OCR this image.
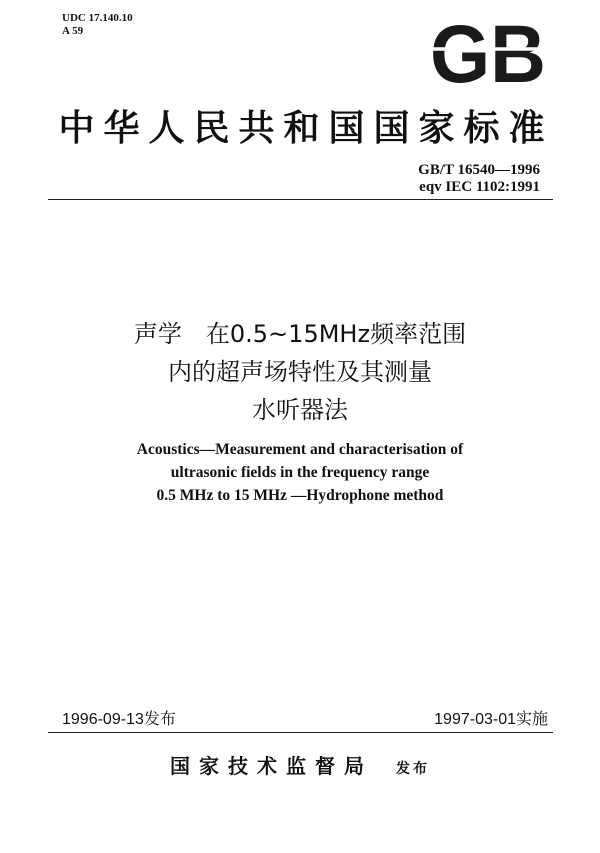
UDC 17.140.10
A 59	GB
中华人民共和国国家标准
GB/T 16540—1996
eqv IEC 1102:1991
声学　在0.5~15MHz频率范围
内的超声场特性及其测量
水听器法
Acoustics—Measurement and characterisation of
ultrasonic fields in the frequency range
0.5 MHz to 15 MHz —Hydrophone method
1996-09-13发布	1997-03-01实施
国家技术监督局 发布
